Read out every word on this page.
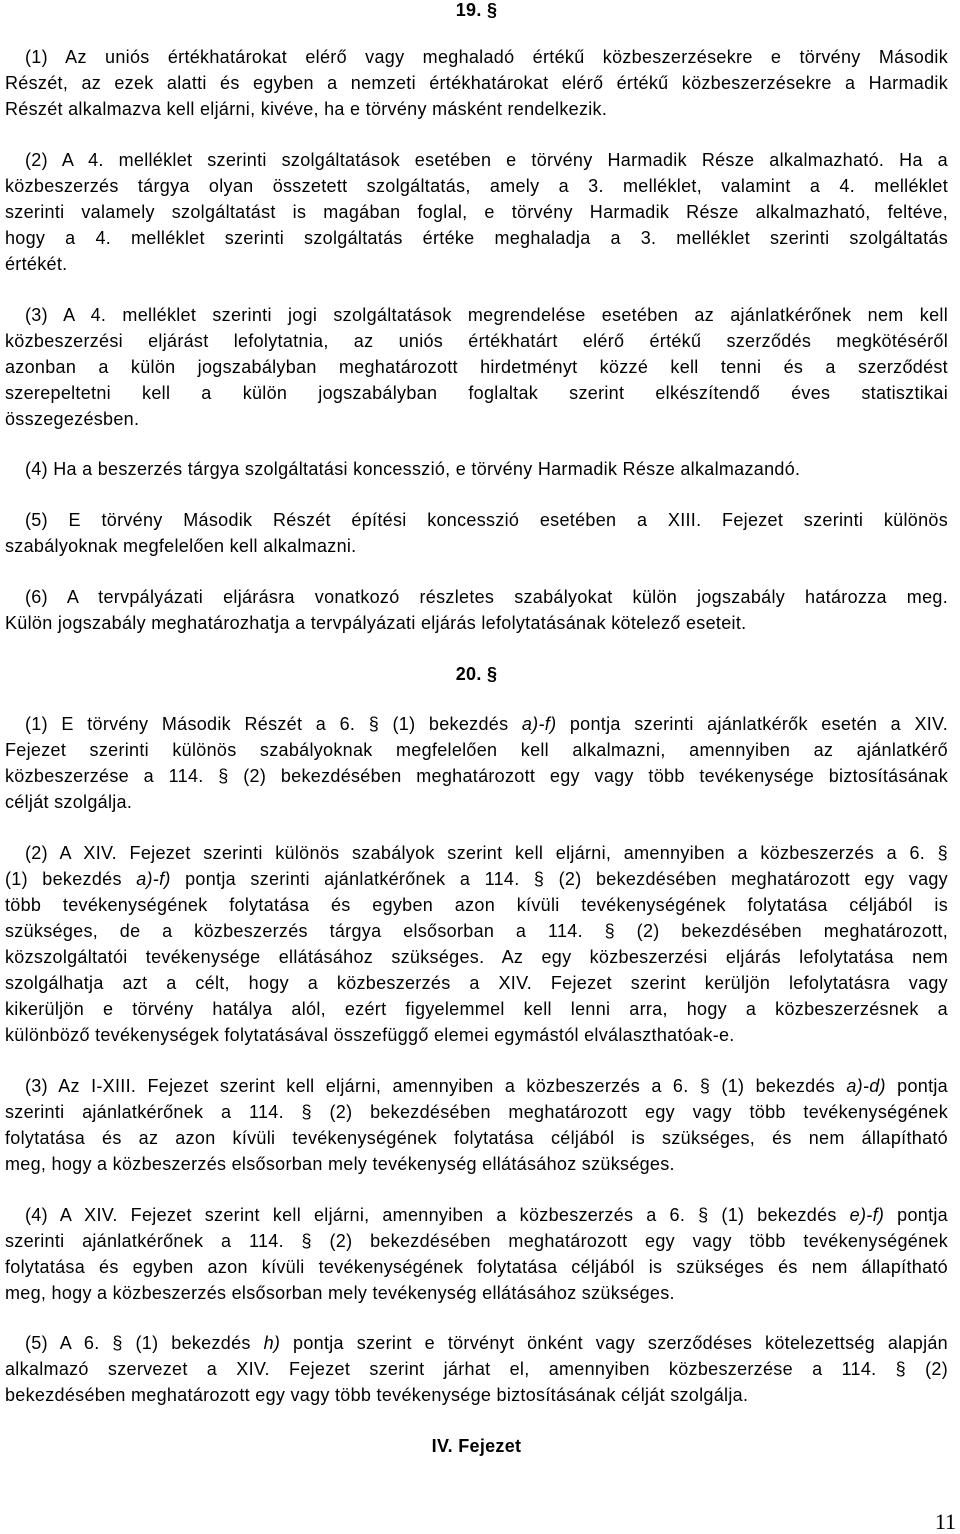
19. §
(1) Az uniós értékhatárokat elérő vagy meghaladó értékű közbeszerzésekre e törvény Második
Részét, az ezek alatti és egyben a nemzeti értékhatárokat elérő értékű közbeszerzésekre a Harmadik
Részét alkalmazva kell eljárni, kivéve, ha e törvény másként rendelkezik.
(2) A 4. melléklet szerinti szolgáltatások esetében e törvény Harmadik Része alkalmazható. Ha a
közbeszerzés tárgya olyan összetett szolgáltatás, amely a 3. melléklet, valamint a 4. melléklet
szerinti valamely szolgáltatást is magában foglal, e törvény Harmadik Része alkalmazható, feltéve,
hogy a 4. melléklet szerinti szolgáltatás értéke meghaladja a 3. melléklet szerinti szolgáltatás
értékét.
(3) A 4. melléklet szerinti jogi szolgáltatások megrendelése esetében az ajánlatkérőnek nem kell
közbeszerzési eljárást lefolytatnia, az uniós értékhatárt elérő értékű szerződés megkötéséről
azonban a külön jogszabályban meghatározott hirdetményt közzé kell tenni és a szerződést
szerepeltetni kell a külön jogszabályban foglaltak szerint elkészítendő éves statisztikai
összegezésben.
(4) Ha a beszerzés tárgya szolgáltatási koncesszió, e törvény Harmadik Része alkalmazandó.
(5) E törvény Második Részét építési koncesszió esetében a XIII. Fejezet szerinti különös
szabályoknak megfelelően kell alkalmazni.
(6) A tervpályázati eljárásra vonatkozó részletes szabályokat külön jogszabály határozza meg.
Külön jogszabály meghatározhatja a tervpályázati eljárás lefolytatásának kötelező eseteit.
20. §
(1) E törvény Második Részét a 6. § (1) bekezdés a)-f) pontja szerinti ajánlatkérők esetén a XIV.
Fejezet szerinti különös szabályoknak megfelelően kell alkalmazni, amennyiben az ajánlatkérő
közbeszerzése a 114. § (2) bekezdésében meghatározott egy vagy több tevékenysége biztosításának
célját szolgálja.
(2) A XIV. Fejezet szerinti különös szabályok szerint kell eljárni, amennyiben a közbeszerzés a 6. §
(1) bekezdés a)-f) pontja szerinti ajánlatkérőnek a 114. § (2) bekezdésében meghatározott egy vagy
több tevékenységének folytatása és egyben azon kívüli tevékenységének folytatása céljából is
szükséges, de a közbeszerzés tárgya elsősorban a 114. § (2) bekezdésében meghatározott,
közszolgáltatói tevékenysége ellátásához szükséges. Az egy közbeszerzési eljárás lefolytatása nem
szolgálhatja azt a célt, hogy a közbeszerzés a XIV. Fejezet szerint kerüljön lefolytatásra vagy
kikerüljön e törvény hatálya alól, ezért figyelemmel kell lenni arra, hogy a közbeszerzésnek a
különböző tevékenységek folytatásával összefüggő elemei egymástól elválaszthatóak-e.
(3) Az I-XIII. Fejezet szerint kell eljárni, amennyiben a közbeszerzés a 6. § (1) bekezdés a)-d) pontja
szerinti ajánlatkérőnek a 114. § (2) bekezdésében meghatározott egy vagy több tevékenységének
folytatása és az azon kívüli tevékenységének folytatása céljából is szükséges, és nem állapítható
meg, hogy a közbeszerzés elsősorban mely tevékenység ellátásához szükséges.
(4) A XIV. Fejezet szerint kell eljárni, amennyiben a közbeszerzés a 6. § (1) bekezdés e)-f) pontja
szerinti ajánlatkérőnek a 114. § (2) bekezdésében meghatározott egy vagy több tevékenységének
folytatása és egyben azon kívüli tevékenységének folytatása céljából is szükséges és nem állapítható
meg, hogy a közbeszerzés elsősorban mely tevékenység ellátásához szükséges.
(5) A 6. § (1) bekezdés h) pontja szerint e törvényt önként vagy szerződéses kötelezettség alapján
alkalmazó szervezet a XIV. Fejezet szerint járhat el, amennyiben közbeszerzése a 114. § (2)
bekezdésében meghatározott egy vagy több tevékenysége biztosításának célját szolgálja.
IV. Fejezet
11
